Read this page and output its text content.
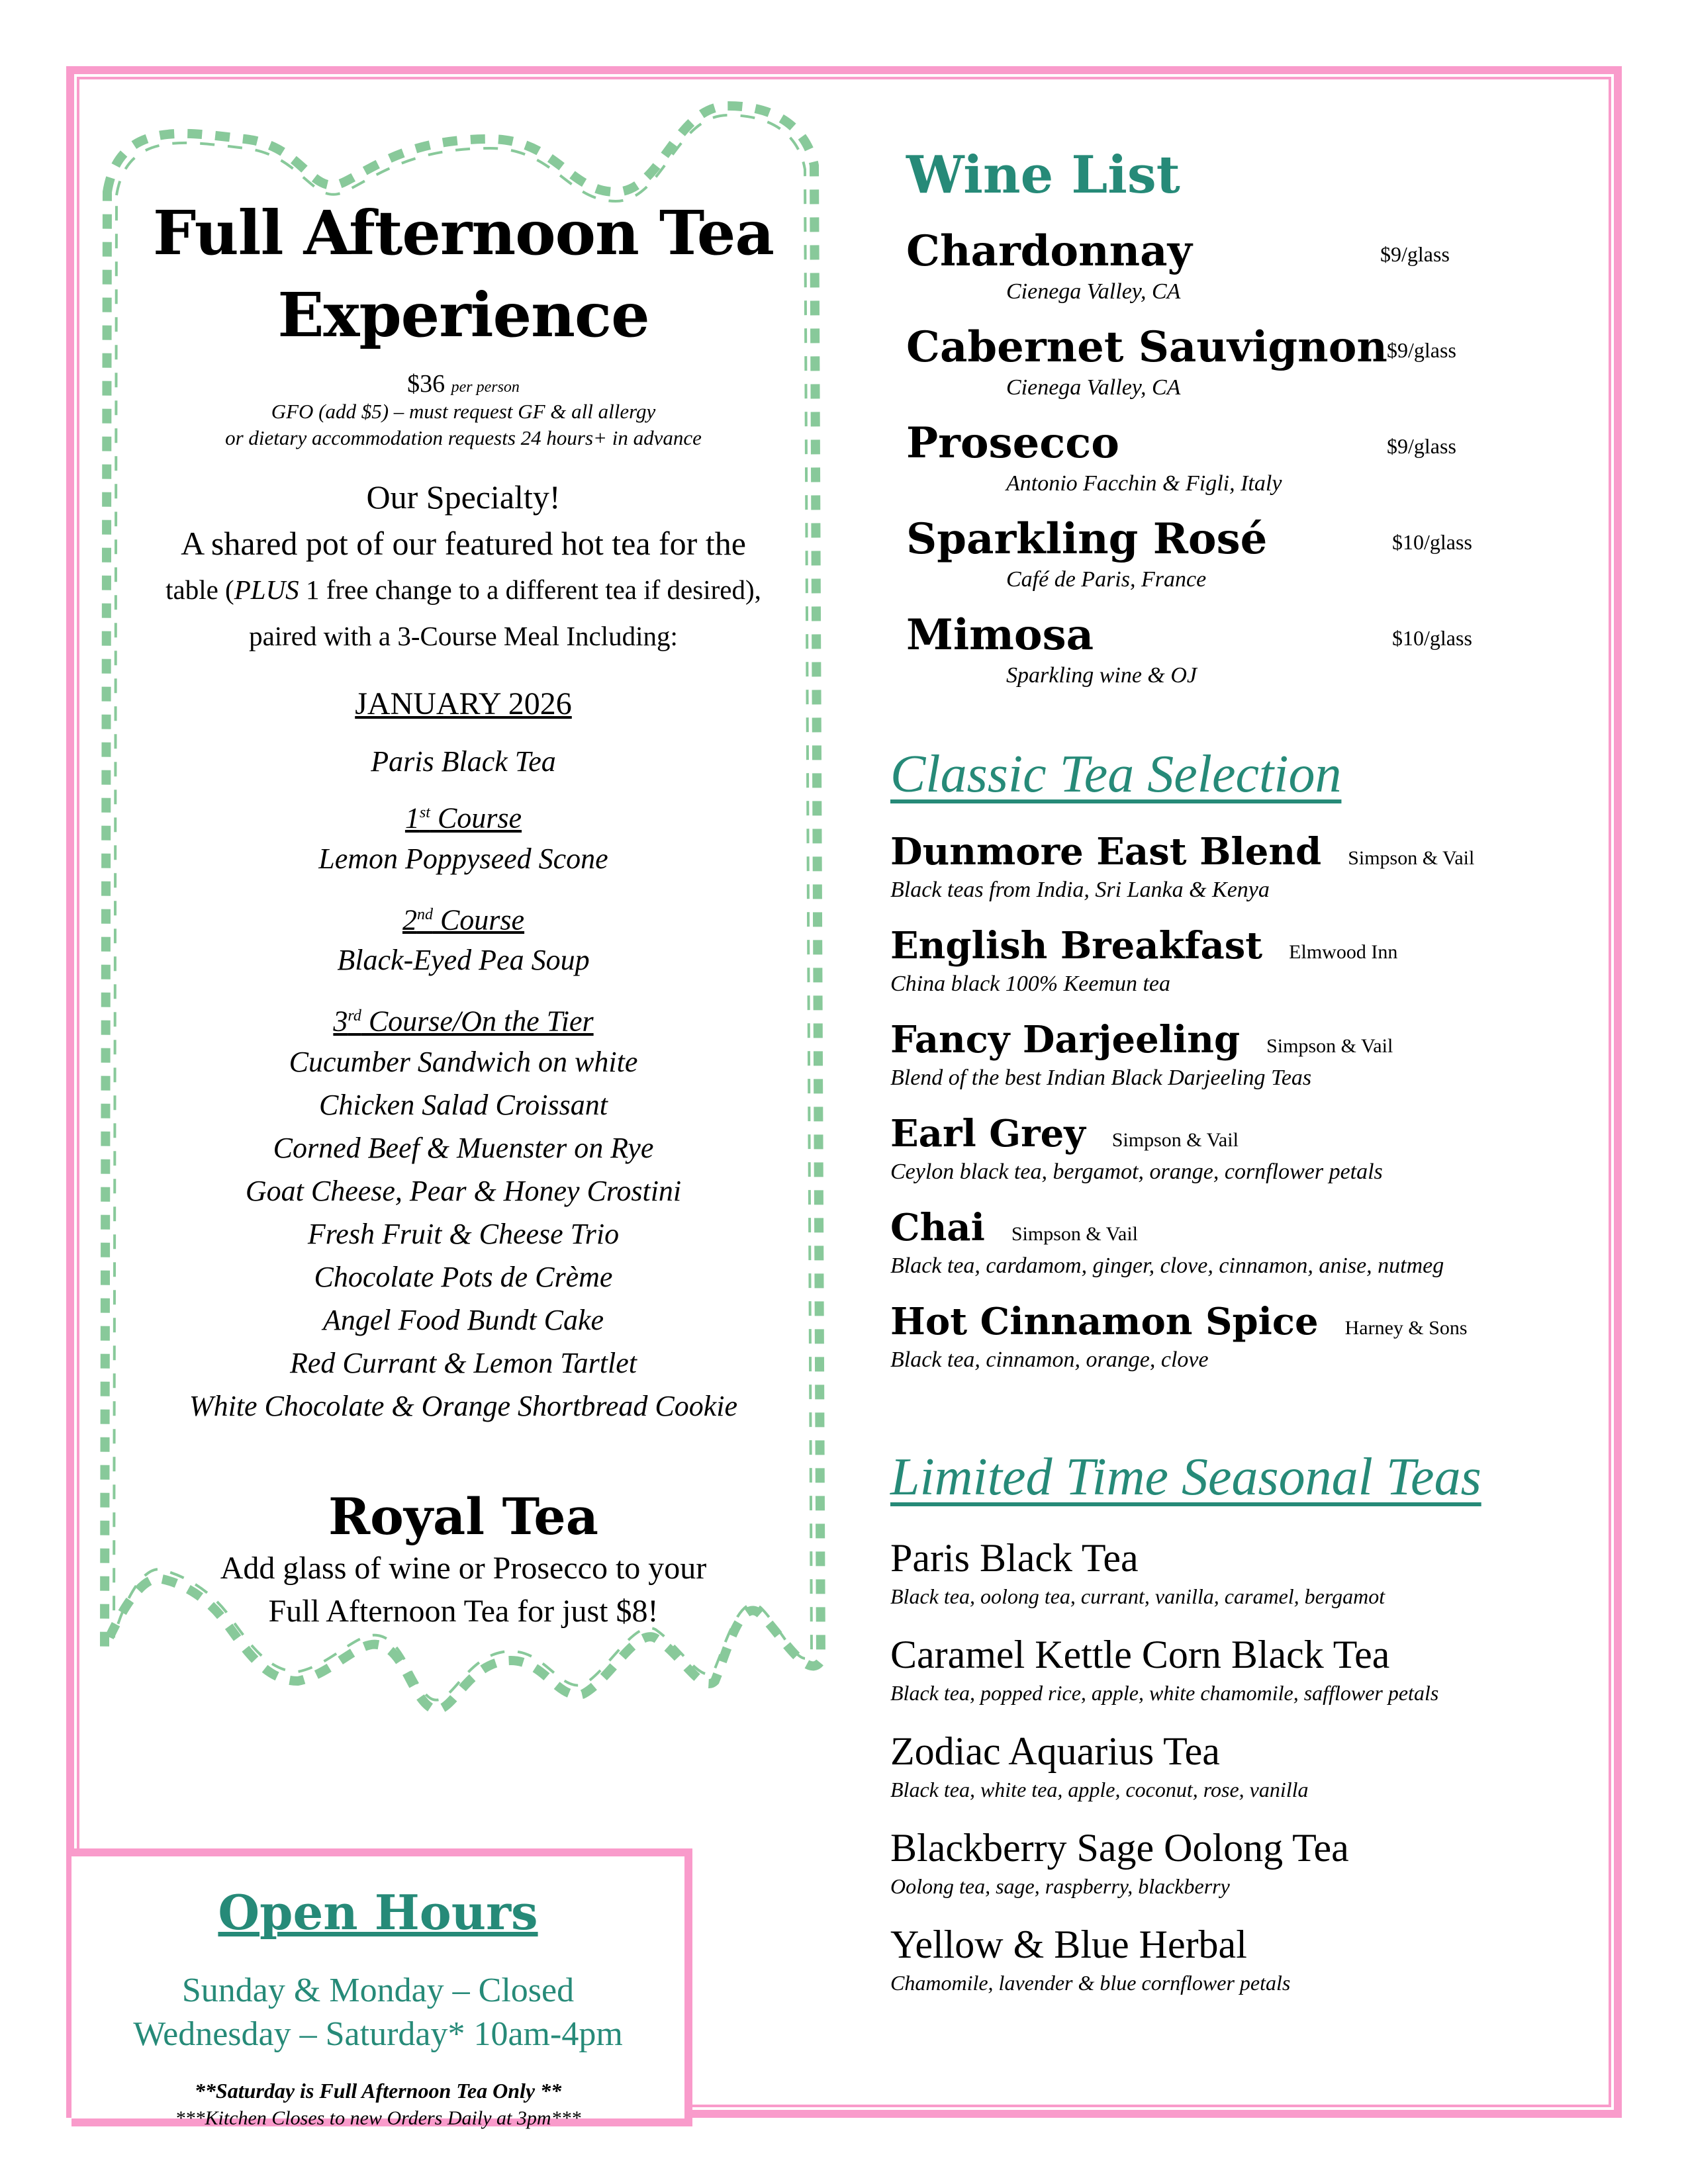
Full Afternoon Tea
Experience
$36 per person
GFO (add $5) – must request GF & all allergy
or dietary accommodation requests 24 hours+ in advance
Our Specialty!
A shared pot of our featured hot tea for the
table (PLUS 1 free change to a different tea if desired),
paired with a 3-Course Meal Including:
JANUARY 2026
Paris Black Tea
1st Course
Lemon Poppyseed Scone
2nd Course
Black-Eyed Pea Soup
3rd Course/On the Tier
Cucumber Sandwich on white
Chicken Salad Croissant
Corned Beef & Muenster on Rye
Goat Cheese, Pear & Honey Crostini
Fresh Fruit & Cheese Trio
Chocolate Pots de Crème
Angel Food Bundt Cake
Red Currant & Lemon Tartlet
White Chocolate & Orange Shortbread Cookie
Royal Tea
Add glass of wine or Prosecco to your
Full Afternoon Tea for just $8!
Open Hours
Sunday & Monday – Closed
Wednesday – Saturday* 10am-4pm
**Saturday is Full Afternoon Tea Only **
***Kitchen Closes to new Orders Daily at 3pm***
Wine List
Chardonnay	$9/glass
Cienega Valley, CA
Cabernet Sauvignon $9/glass
Cienega Valley, CA
Prosecco	$9/glass
Antonio Facchin & Figli, Italy
Sparkling Rosé	$10/glass
Café de Paris, France
Mimosa	$10/glass
Sparkling wine & OJ
Classic Tea Selection
Dunmore East Blend Simpson & Vail
Black teas from India, Sri Lanka & Kenya
English Breakfast Elmwood Inn
China black 100% Keemun tea
Fancy Darjeeling Simpson & Vail
Blend of the best Indian Black Darjeeling Teas
Earl Grey Simpson & Vail
Ceylon black tea, bergamot, orange, cornflower petals
Chai Simpson & Vail
Black tea, cardamom, ginger, clove, cinnamon, anise, nutmeg
Hot Cinnamon Spice Harney & Sons
Black tea, cinnamon, orange, clove
Limited Time Seasonal Teas
Paris Black Tea
Black tea, oolong tea, currant, vanilla, caramel, bergamot
Caramel Kettle Corn Black Tea
Black tea, popped rice, apple, white chamomile, safflower petals
Zodiac Aquarius Tea
Black tea, white tea, apple, coconut, rose, vanilla
Blackberry Sage Oolong Tea
Oolong tea, sage, raspberry, blackberry
Yellow & Blue Herbal
Chamomile, lavender & blue cornflower petals
